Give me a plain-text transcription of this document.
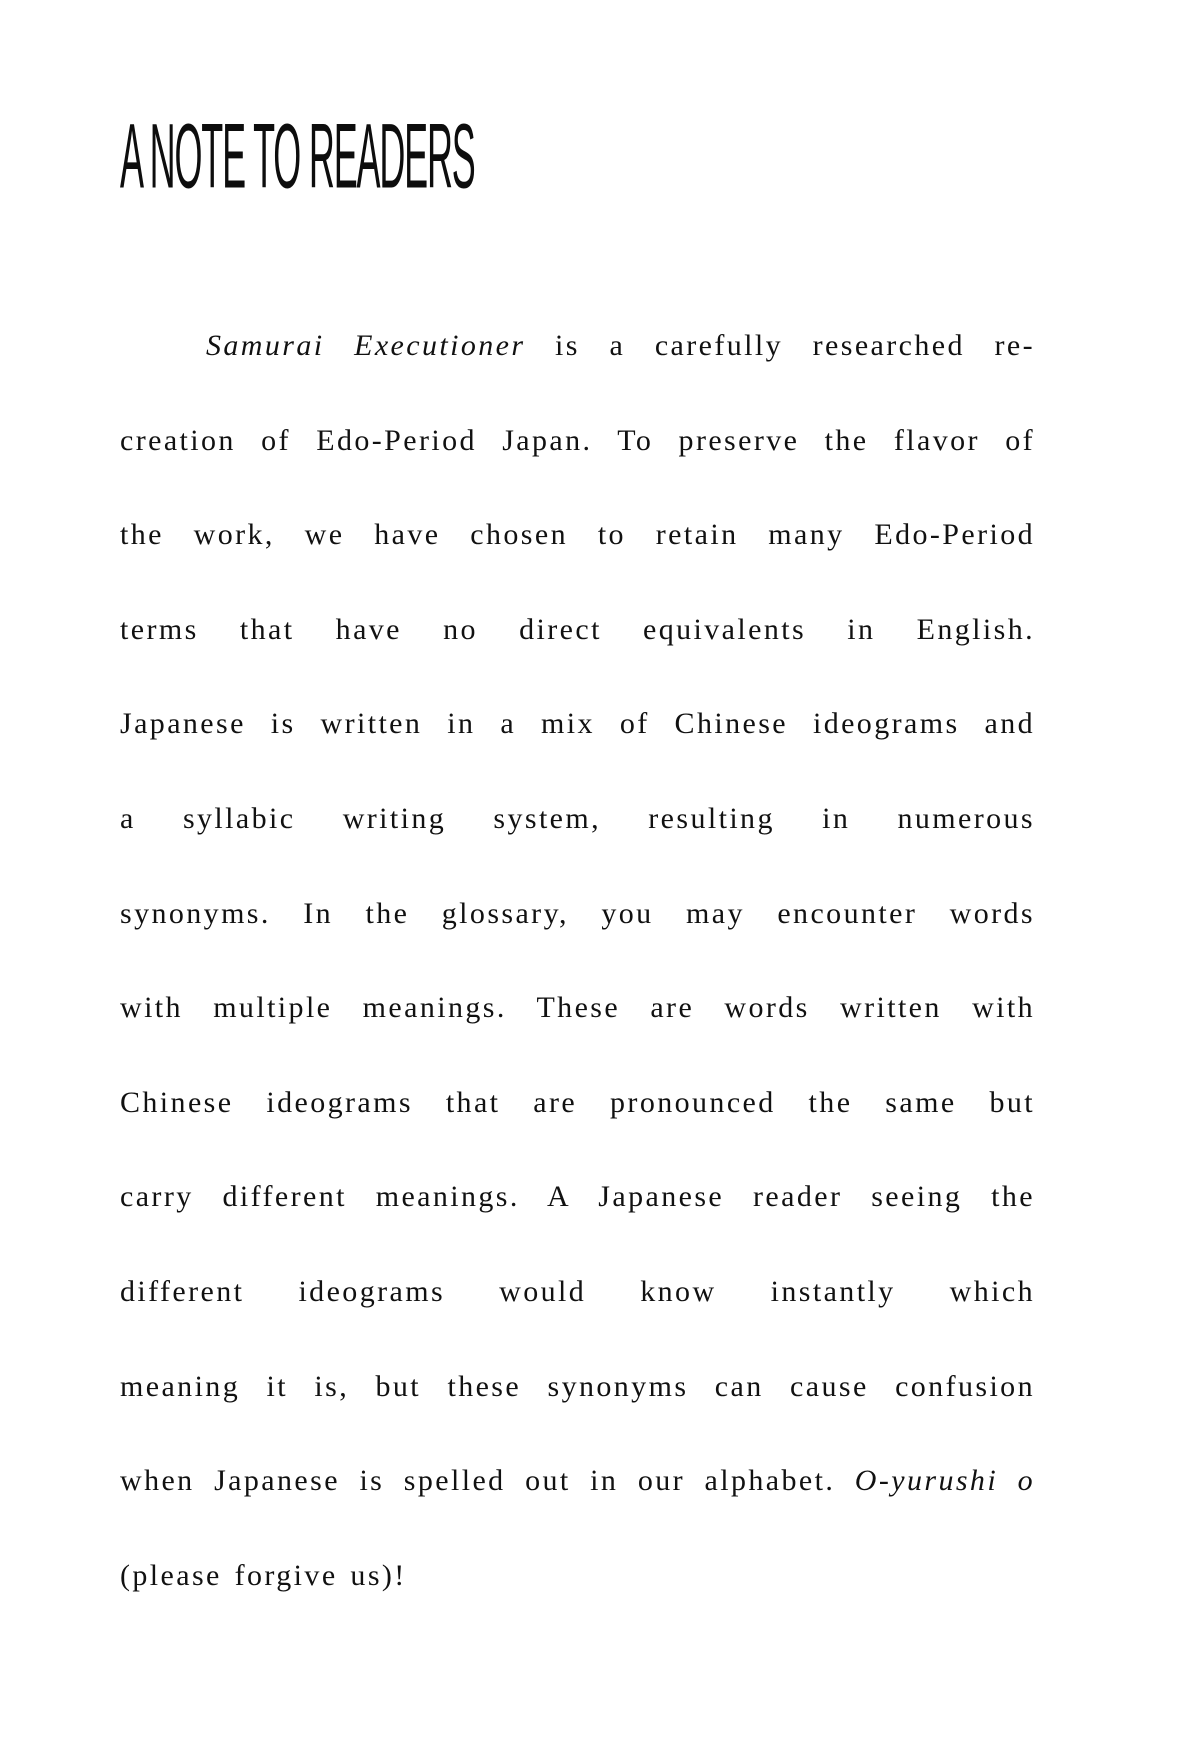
A NOTE TO READERS
Samurai Executioner is a carefully researched re-
creation of Edo-Period Japan. To preserve the flavor of
the work, we have chosen to retain many Edo-Period
terms that have no direct equivalents in English.
Japanese is written in a mix of Chinese ideograms and
a syllabic writing system, resulting in numerous
synonyms. In the glossary, you may encounter words
with multiple meanings. These are words written with
Chinese ideograms that are pronounced the same but
carry different meanings. A Japanese reader seeing the
different ideograms would know instantly which
meaning it is, but these synonyms can cause confusion
when Japanese is spelled out in our alphabet. O-yurushi o
(please forgive us)!
